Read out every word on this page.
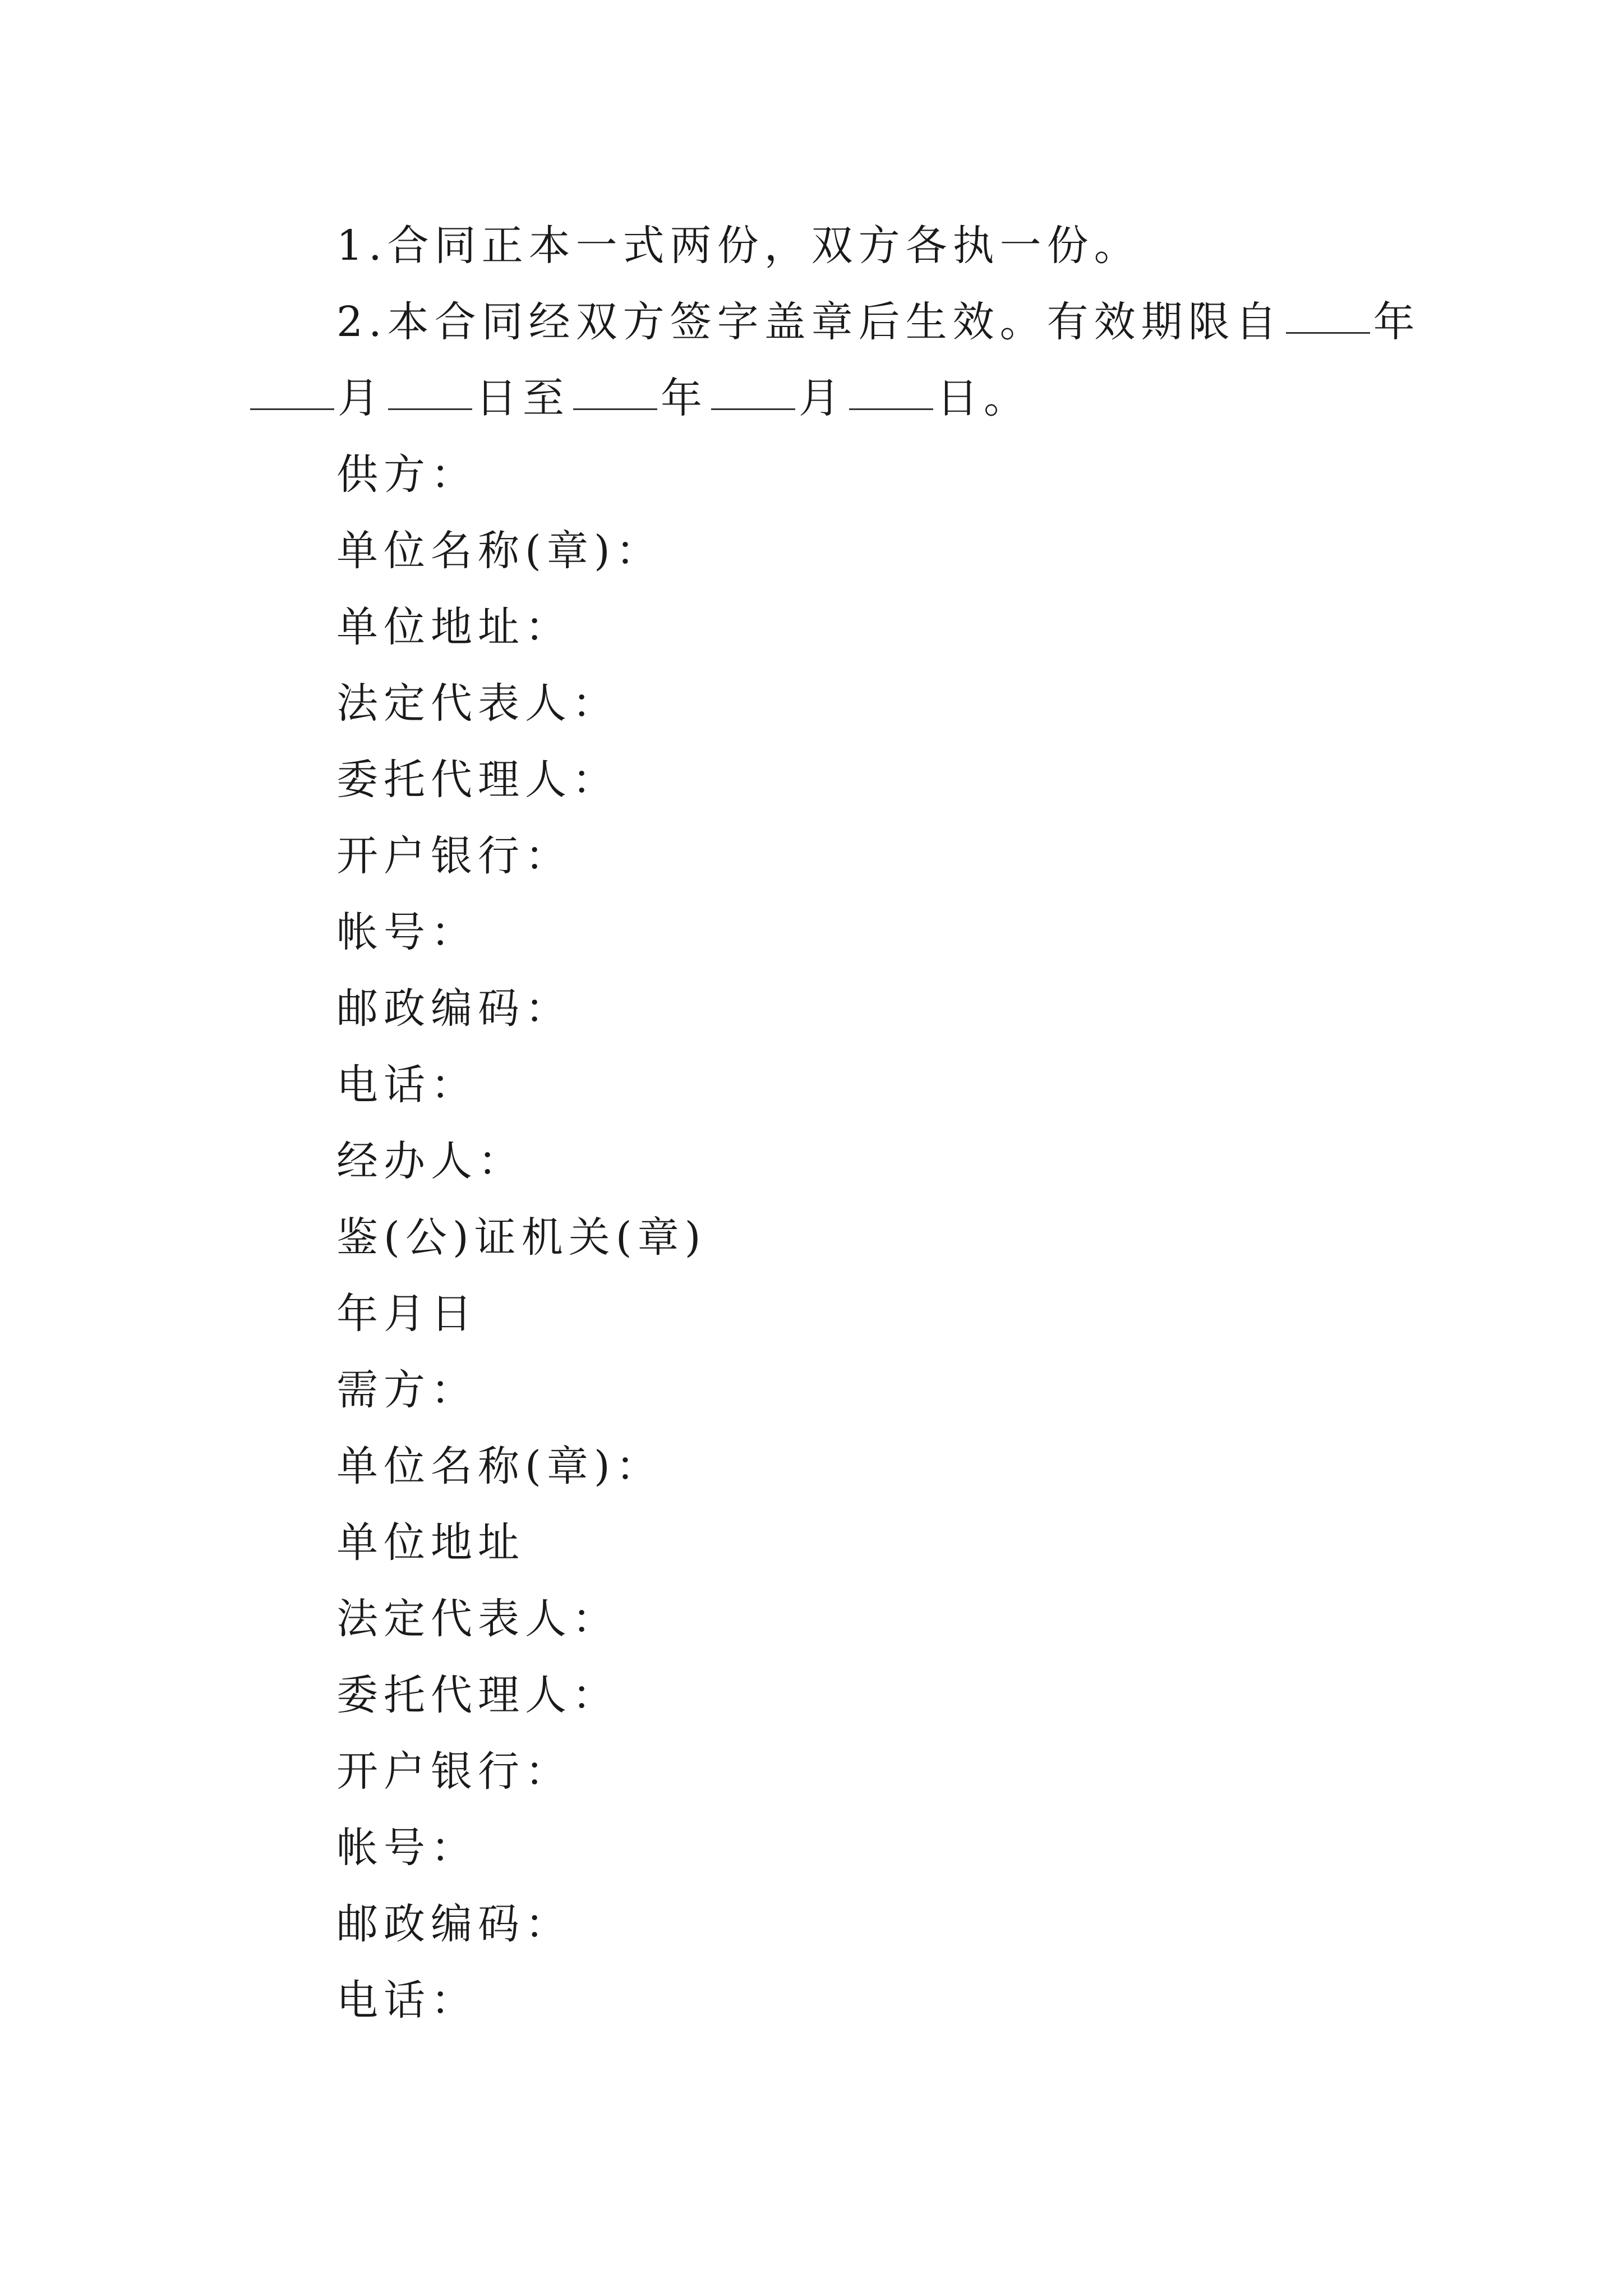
1.合同正本一式两份，双方各执一份。
2.本合同经双方签字盖章后生效。有效期限自 年
月 日至 年 月 日。
供方：
单位名称(章)：
单位地址：
法定代表人：
委托代理人：
开户银行：
帐号：
邮政编码：
电话：
经办人：
鉴(公)证机关(章)
年月日
需方：
单位名称(章)：
单位地址
法定代表人：
委托代理人：
开户银行：
帐号：
邮政编码：
电话：
